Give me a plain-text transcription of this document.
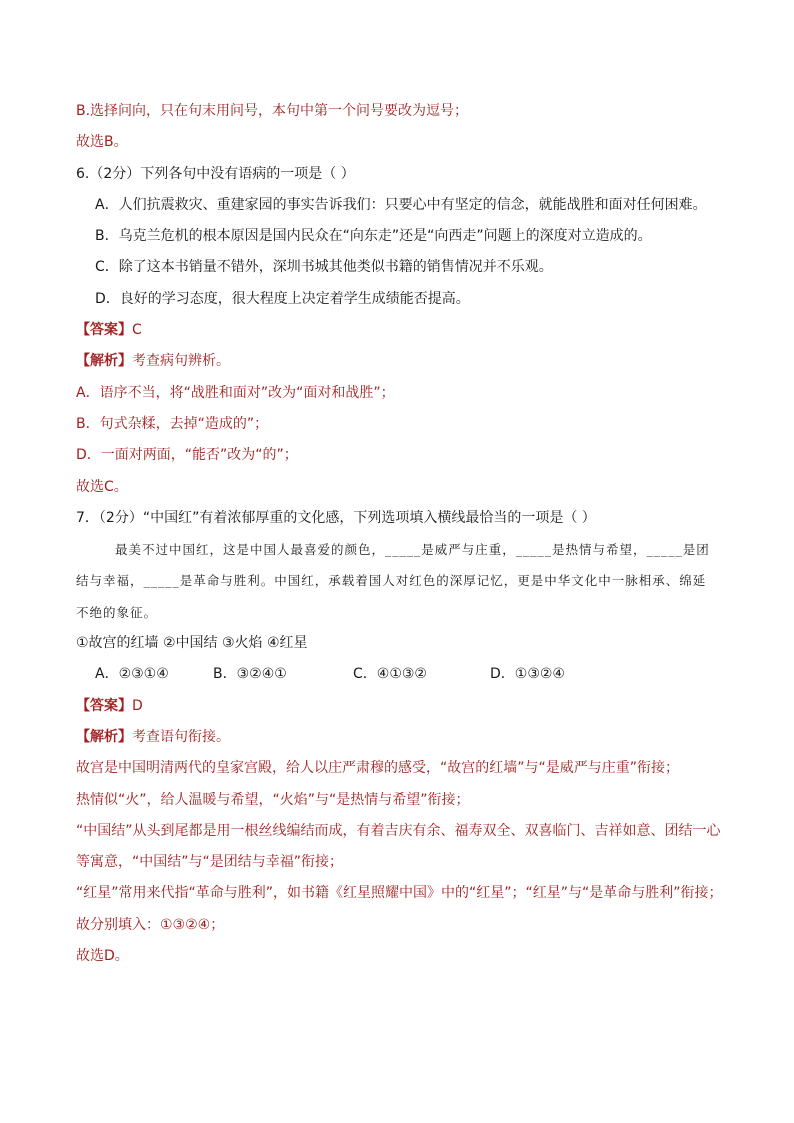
B.选择问向，只在句末用问号，本句中第一个问号要改为逗号；
故选B。
6.（2分）下列各句中没有语病的一项是（ ）
A．人们抗震救灾、重建家园的事实告诉我们：只要心中有坚定的信念，就能战胜和面对任何困难。
B．乌克兰危机的根本原因是国内民众在“向东走”还是“向西走”问题上的深度对立造成的。
C．除了这本书销量不错外，深圳书城其他类似书籍的销售情况并不乐观。
D．良好的学习态度，很大程度上决定着学生成绩能否提高。
【答案】C
【解析】考查病句辨析。
A．语序不当，将“战胜和面对”改为“面对和战胜”；
B．句式杂糅，去掉“造成的”；
D．一面对两面，“能否”改为“的”；
故选C。
7．（2分）“中国红”有着浓郁厚重的文化感，下列选项填入横线最恰当的一项是（ ）
最美不过中国红，这是中国人最喜爱的颜色，_____是威严与庄重，_____是热情与希望，_____是团
结与幸福，_____是革命与胜利。中国红，承载着国人对红色的深厚记忆，更是中华文化中一脉相承、绵延
不绝的象征。
①故宫的红墙 ②中国结 ③火焰 ④红星
A．②③①④	B．③②④①	C．④①③②	D．①③②④
【答案】D
【解析】考查语句衔接。
故宫是中国明清两代的皇家宫殿，给人以庄严肃穆的感受，“故宫的红墙”与“是威严与庄重”衔接；
热情似“火”，给人温暖与希望，“火焰”与“是热情与希望”衔接；
“中国结”从头到尾都是用一根丝线编结而成，有着吉庆有余、福寿双全、双喜临门、吉祥如意、团结一心
等寓意，“中国结”与“是团结与幸福”衔接；
“红星”常用来代指“革命与胜利”，如书籍《红星照耀中国》中的“红星”；“红星”与“是革命与胜利”衔接；
故分别填入：①③②④；
故选D。
